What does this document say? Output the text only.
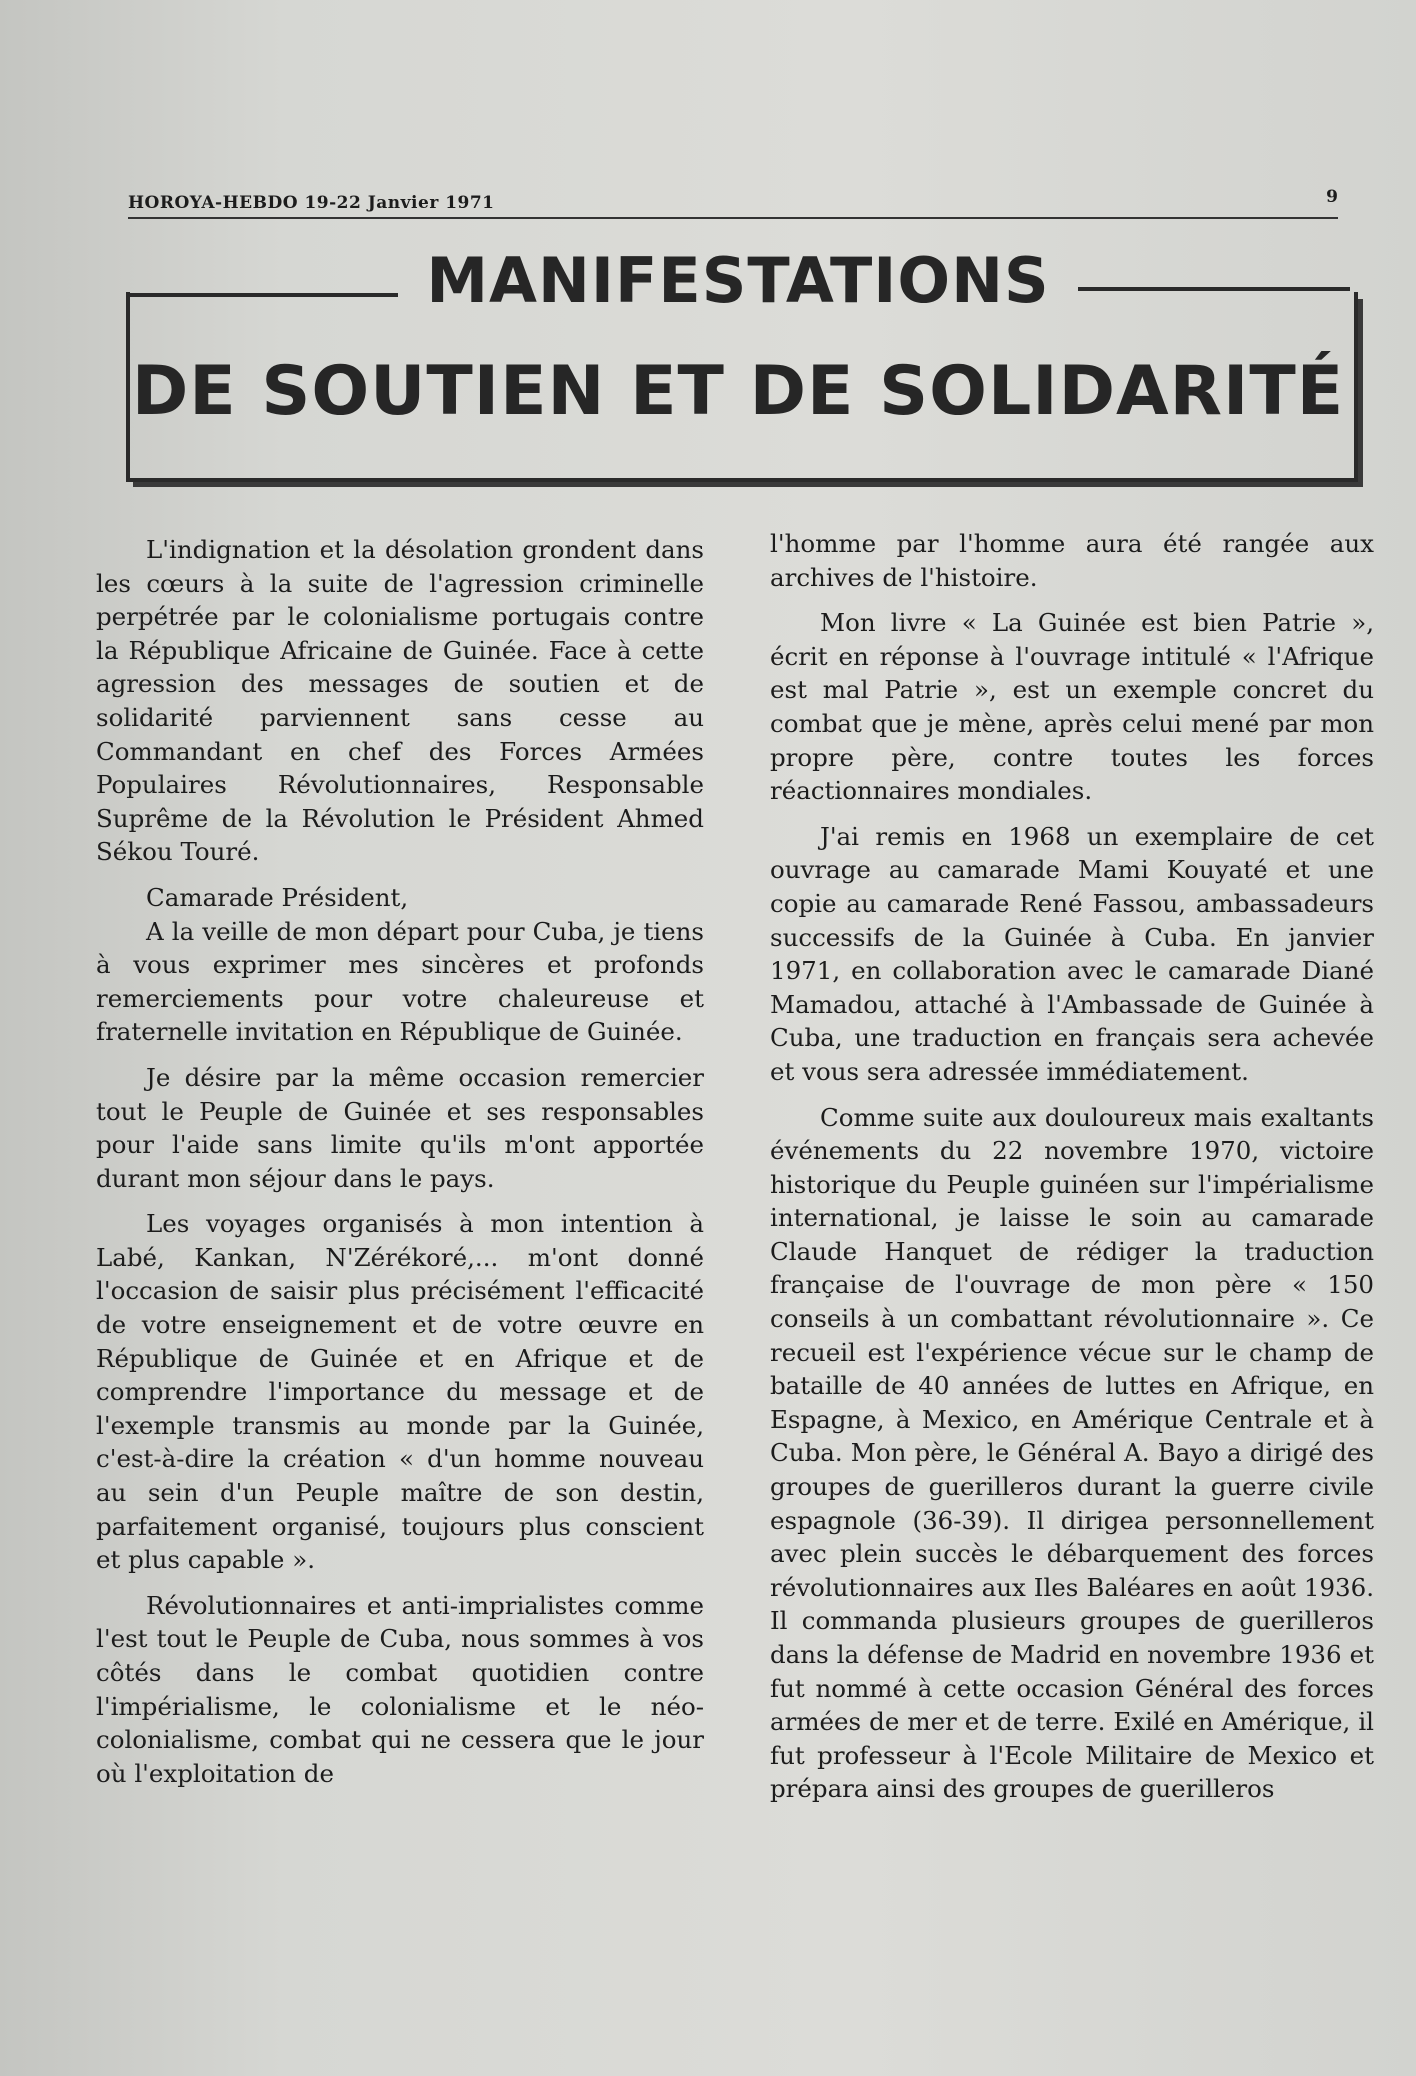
HOROYA-HEBDO 19-22 Janvier 1971	9
MANIFESTATIONS
DE SOUTIEN ET DE SOLIDARITÉ

L'indignation et la désolation grondent dans les cœurs à la suite de l'agression criminelle perpétrée par le colonialisme portugais contre la République Africaine de Guinée. Face à cette agression des messages de soutien et de solidarité parviennent sans cesse au Commandant en chef des Forces Armées Populaires Révolutionnaires, Responsable Suprême de la Révolution le Président Ahmed Sékou Touré.

Camarade Président,

A la veille de mon départ pour Cuba, je tiens à vous exprimer mes sincères et profonds remerciements pour votre chaleureuse et fraternelle invitation en République de Guinée.

Je désire par la même occasion remercier tout le Peuple de Guinée et ses responsables pour l'aide sans limite qu'ils m'ont apportée durant mon séjour dans le pays.

Les voyages organisés à mon intention à Labé, Kankan, N'Zérékoré,... m'ont donné l'occasion de saisir plus précisément l'efficacité de votre enseignement et de votre œuvre en République de Guinée et en Afrique et de comprendre l'importance du message et de l'exemple transmis au monde par la Guinée, c'est-à-dire la création « d'un homme nouveau au sein d'un Peuple maître de son destin, parfaitement organisé, toujours plus conscient et plus capable ».

Révolutionnaires et anti-imprialistes comme l'est tout le Peuple de Cuba, nous sommes à vos côtés dans le combat quotidien contre l'impérialisme, le colonialisme et le néo-colonialisme, combat qui ne cessera que le jour où l'exploitation de

l'homme par l'homme aura été rangée aux archives de l'histoire.

Mon livre « La Guinée est bien Patrie », écrit en réponse à l'ouvrage intitulé « l'Afrique est mal Patrie », est un exemple concret du combat que je mène, après celui mené par mon propre père, contre toutes les forces réactionnaires mondiales.

J'ai remis en 1968 un exemplaire de cet ouvrage au camarade Mami Kouyaté et une copie au camarade René Fassou, ambassadeurs successifs de la Guinée à Cuba. En janvier 1971, en collaboration avec le camarade Diané Mamadou, attaché à l'Ambassade de Guinée à Cuba, une traduction en français sera achevée et vous sera adressée immédiatement.

Comme suite aux douloureux mais exaltants événements du 22 novembre 1970, victoire historique du Peuple guinéen sur l'impérialisme international, je laisse le soin au camarade Claude Hanquet de rédiger la traduction française de l'ouvrage de mon père « 150 conseils à un combattant révolutionnaire ». Ce recueil est l'expérience vécue sur le champ de bataille de 40 années de luttes en Afrique, en Espagne, à Mexico, en Amérique Centrale et à Cuba. Mon père, le Général A. Bayo a dirigé des groupes de guerilleros durant la guerre civile espagnole (36-39). Il dirigea personnellement avec plein succès le débarquement des forces révolutionnaires aux Iles Baléares en août 1936. Il commanda plusieurs groupes de guerilleros dans la défense de Madrid en novembre 1936 et fut nommé à cette occasion Général des forces armées de mer et de terre. Exilé en Amérique, il fut professeur à l'Ecole Militaire de Mexico et prépara ainsi des groupes de guerilleros
